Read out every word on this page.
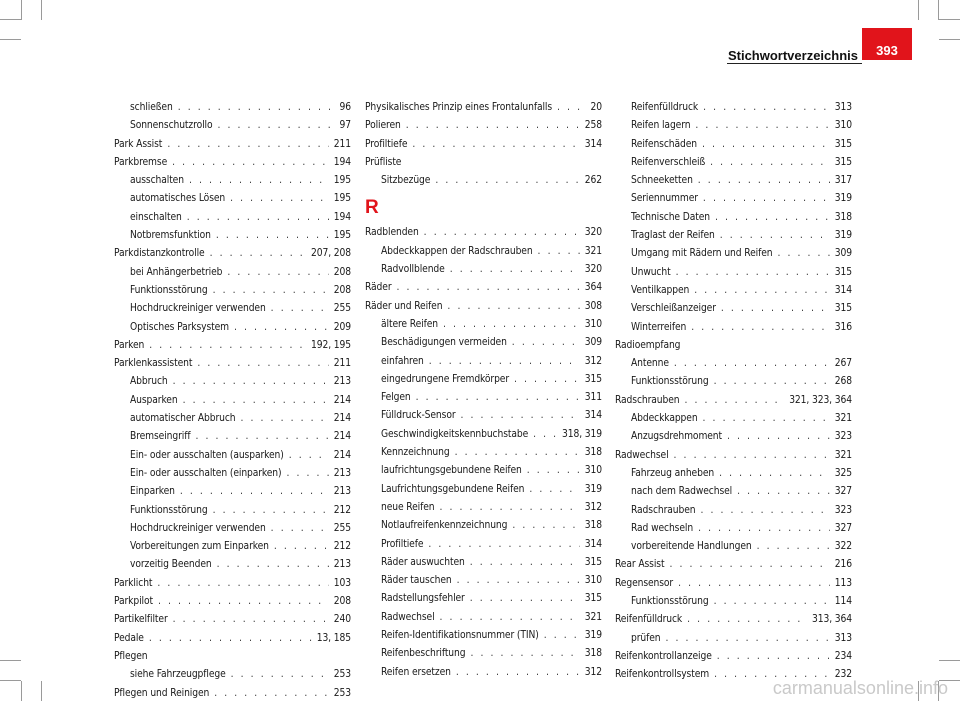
Stichwortverzeichnis	393
schließen . . .	96
Sonnenschutzrollo . . .	97
Park Assist . . .	211
Parkbremse . . .	194
ausschalten . . .	195
automatisches Lösen . . .	195
einschalten . . .	194
Notbremsfunktion . . .	195
Parkdistanzkontrolle . . .	207, 208
bei Anhängerbetrieb . . .	208
Funktionsstörung . . .	208
Hochdruckreiniger verwenden . . .	255
Optisches Parksystem . . .	209
Parken . . .	192, 195
Parklenkassistent . . .	211
Abbruch . . .	213
Ausparken . . .	214
automatischer Abbruch . . .	214
Bremseingriff . . .	214
Ein- oder ausschalten (ausparken) . . .	214
Ein- oder ausschalten (einparken) . . .	213
Einparken . . .	213
Funktionsstörung . . .	212
Hochdruckreiniger verwenden . . .	255
Vorbereitungen zum Einparken . . .	212
vorzeitig Beenden . . .	213
Parklicht . . .	103
Parkpilot . . .	208
Partikelfilter . . .	240
Pedale . . .	13, 185
Pflegen
siehe Fahrzeugpflege . . .	253
Pflegen und Reinigen . . .	253
Physikalisches Prinzip eines Frontalunfalls . . .	20
Polieren . . .	258
Profiltiefe . . .	314
Prüfliste
Sitzbezüge . . .	262
R
Radblenden . . .	320
Abdeckkappen der Radschrauben . . .	321
Radvollblende . . .	320
Räder . . .	364
Räder und Reifen . . .	308
ältere Reifen . . .	310
Beschädigungen vermeiden . . .	309
einfahren . . .	312
eingedrungene Fremdkörper . . .	315
Felgen . . .	311
Fülldruck-Sensor . . .	314
Geschwindigkeitskennbuchstabe . . .	318, 319
Kennzeichnung . . .	318
laufrichtungsgebundene Reifen . . .	310
Laufrichtungsgebundene Reifen . . .	319
neue Reifen . . .	312
Notlaufreifenkennzeichnung . . .	318
Profiltiefe . . .	314
Räder auswuchten . . .	315
Räder tauschen . . .	310
Radstellungsfehler . . .	315
Radwechsel . . .	321
Reifen-Identifikationsnummer (TIN) . . .	319
Reifenbeschriftung . . .	318
Reifen ersetzen . . .	312
Reifenfülldruck . . .	313
Reifen lagern . . .	310
Reifenschäden . . .	315
Reifenverschleiß . . .	315
Schneeketten . . .	317
Seriennummer . . .	319
Technische Daten . . .	318
Traglast der Reifen . . .	319
Umgang mit Rädern und Reifen . . .	309
Unwucht . . .	315
Ventilkappen . . .	314
Verschleißanzeiger . . .	315
Winterreifen . . .	316
Radioempfang
Antenne . . .	267
Funktionsstörung . . .	268
Radschrauben . . .	321, 323, 364
Abdeckkappen . . .	321
Anzugsdrehmoment . . .	323
Radwechsel . . .	321
Fahrzeug anheben . . .	325
nach dem Radwechsel . . .	327
Radschrauben . . .	323
Rad wechseln . . .	327
vorbereitende Handlungen . . .	322
Rear Assist . . .	216
Regensensor . . .	113
Funktionsstörung . . .	114
Reifenfülldruck . . .	313, 364
prüfen . . .	313
Reifenkontrollanzeige . . .	234
Reifenkontrollsystem . . .	232
carmanualsonline.info
